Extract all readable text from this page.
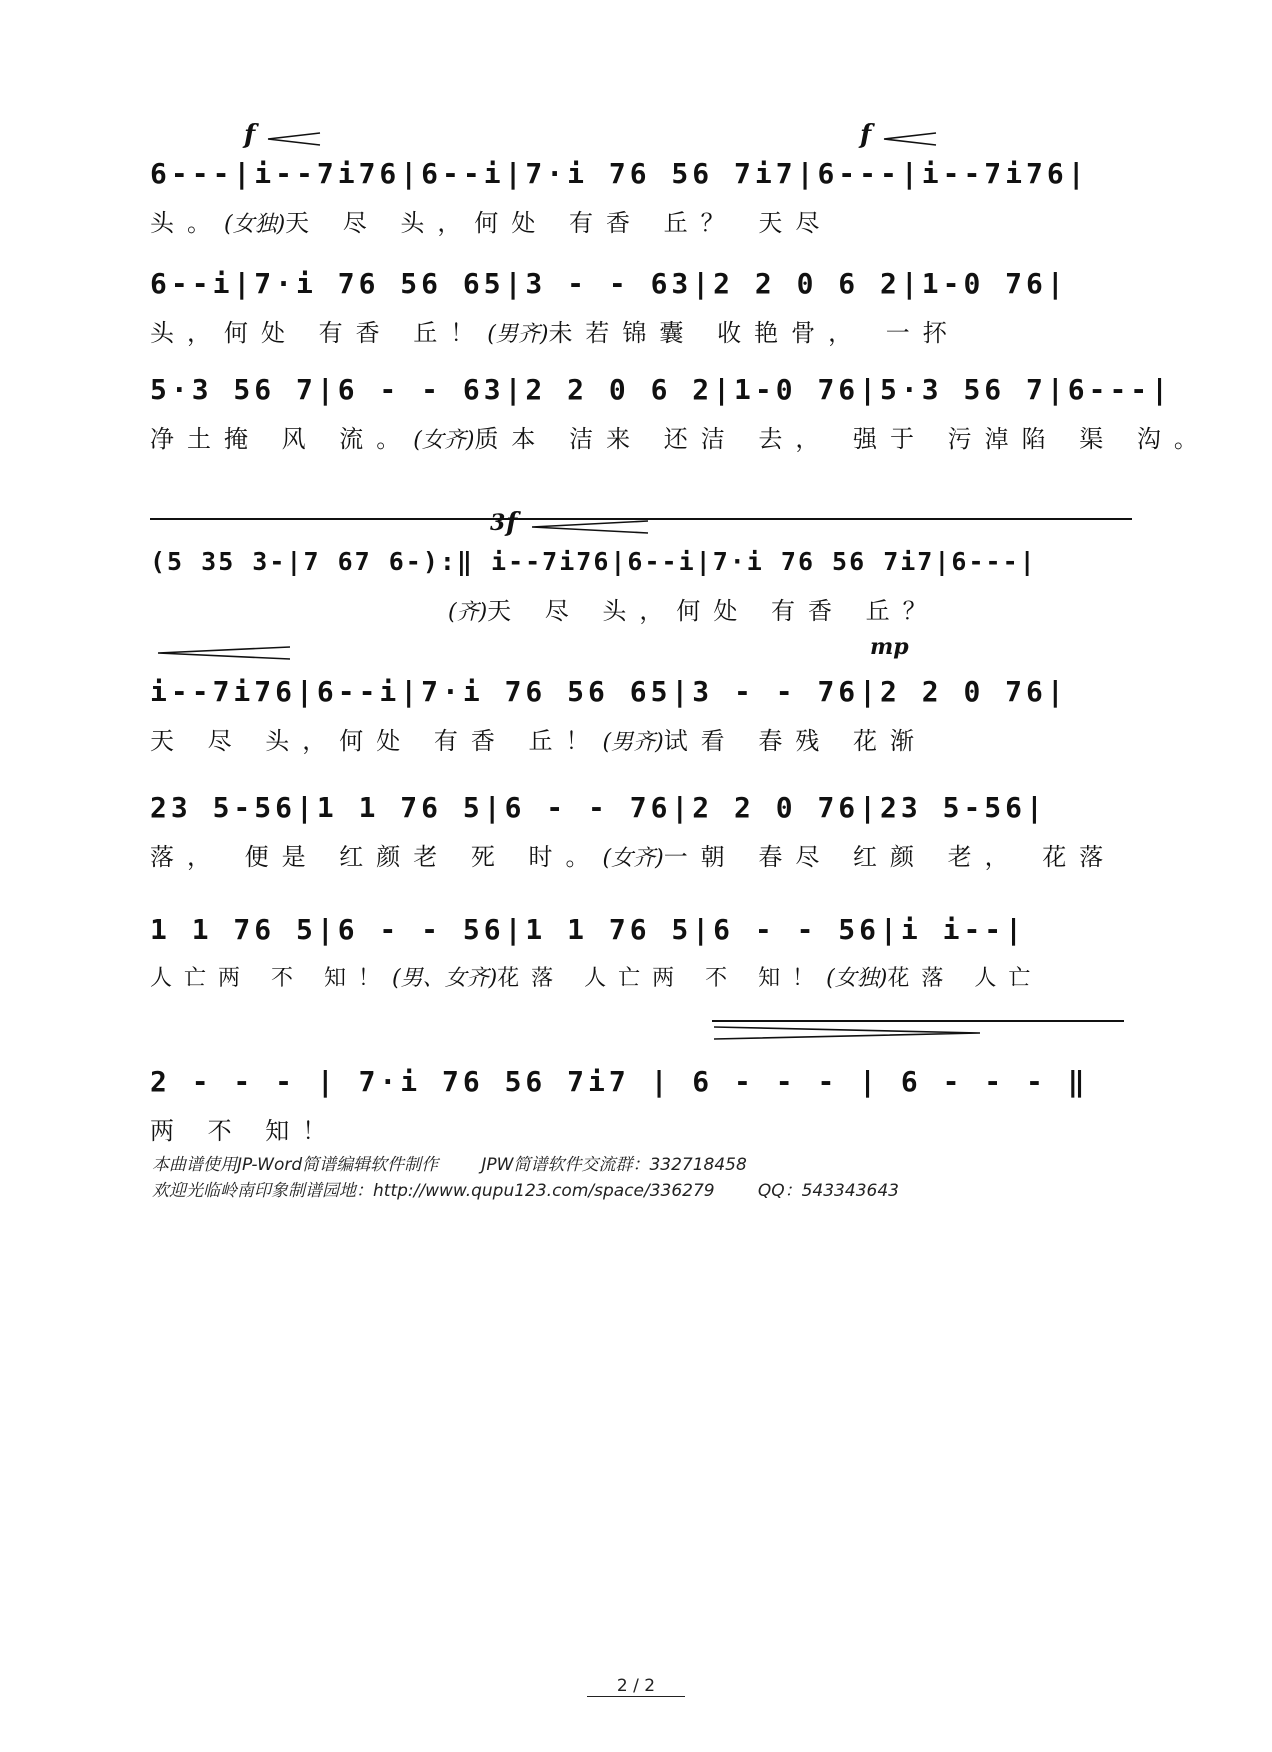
f	f
6---|i--7i76|6--i|7·i 76 56 7i7|6---|i--7i76|
头。(女独)天 尽 头，何处 有香 丘？ 天尽
6--i|7·i 76 56 65|3 - - 63|2 2 0 6 2|1-0 76|
头，何处 有香 丘！(男齐)未若锦囊 收艳骨， 一抔
5·3 56 7|6 - - 63|2 2 0 6 2|1-0 76|5·3 56 7|6---|
净土掩 风 流。(女齐)质本 洁来 还洁 去， 强于 污淖陷 渠 沟。
3 f
(5 35 3-|7 67 6-):‖ i--7i76|6--i|7·i 76 56 7i7|6---|
(齐)天 尽 头，何处 有香 丘？
mp
i--7i76|6--i|7·i 76 56 65|3 - - 76|2 2 0 76|
天 尽 头，何处 有香 丘！(男齐)试看 春残 花渐
23 5-56|1 1 76 5|6 - - 76|2 2 0 76|23 5-56|
落， 便是 红颜老 死 时。(女齐)一朝 春尽 红颜 老， 花落
1 1 76 5|6 - - 56|1 1 76 5|6 - - 56|i i--|
人亡两 不 知！(男、女齐)花落 人亡两 不 知！(女独)花落 人亡
2 - - - | 7·i 76 56 7i7 | 6 - - - | 6 - - - ‖
两 不 知！
本曲谱使用JP-Word简谱编辑软件制作        JPW简谱软件交流群：332718458
欢迎光临岭南印象制谱园地：http://www.qupu123.com/space/336279        QQ：543343643
2 / 2
